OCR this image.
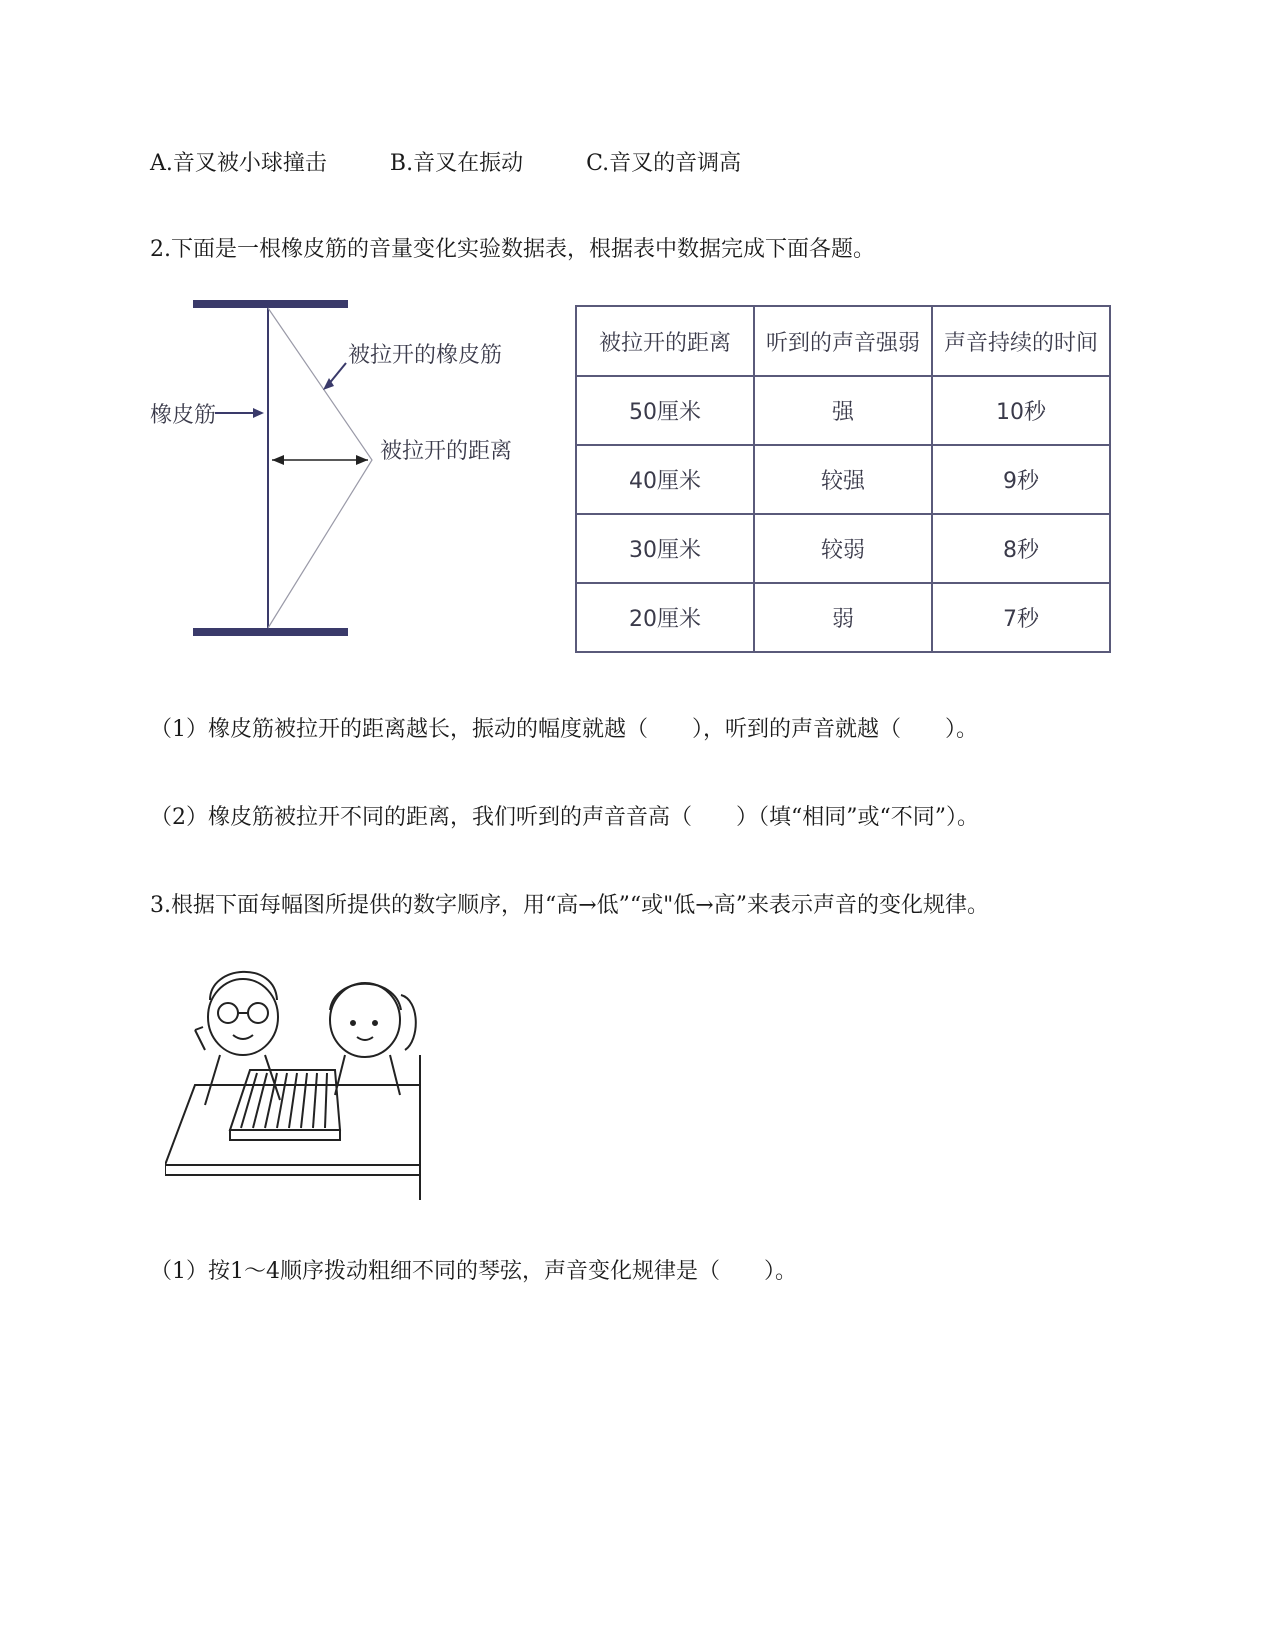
A.音叉被小球撞击	B.音叉在振动	C.音叉的音调高
2.下面是一根橡皮筋的音量变化实验数据表，根据表中数据完成下面各题。
橡皮筋
被拉开的橡皮筋
被拉开的距离
被拉开的距离	听到的声音强弱	声音持续的时间
50厘米	强	10秒
40厘米	较强	9秒
30厘米	较弱	8秒
20厘米	弱	7秒
（1）橡皮筋被拉开的距离越长，振动的幅度就越（　　），听到的声音就越（　　）。
（2）橡皮筋被拉开不同的距离，我们听到的声音音高（　　）（填“相同”或“不同”）。
3.根据下面每幅图所提供的数字顺序，用“高→低”“或"低→高”来表示声音的变化规律。
（1）按1～4顺序拨动粗细不同的琴弦，声音变化规律是（　　）。
